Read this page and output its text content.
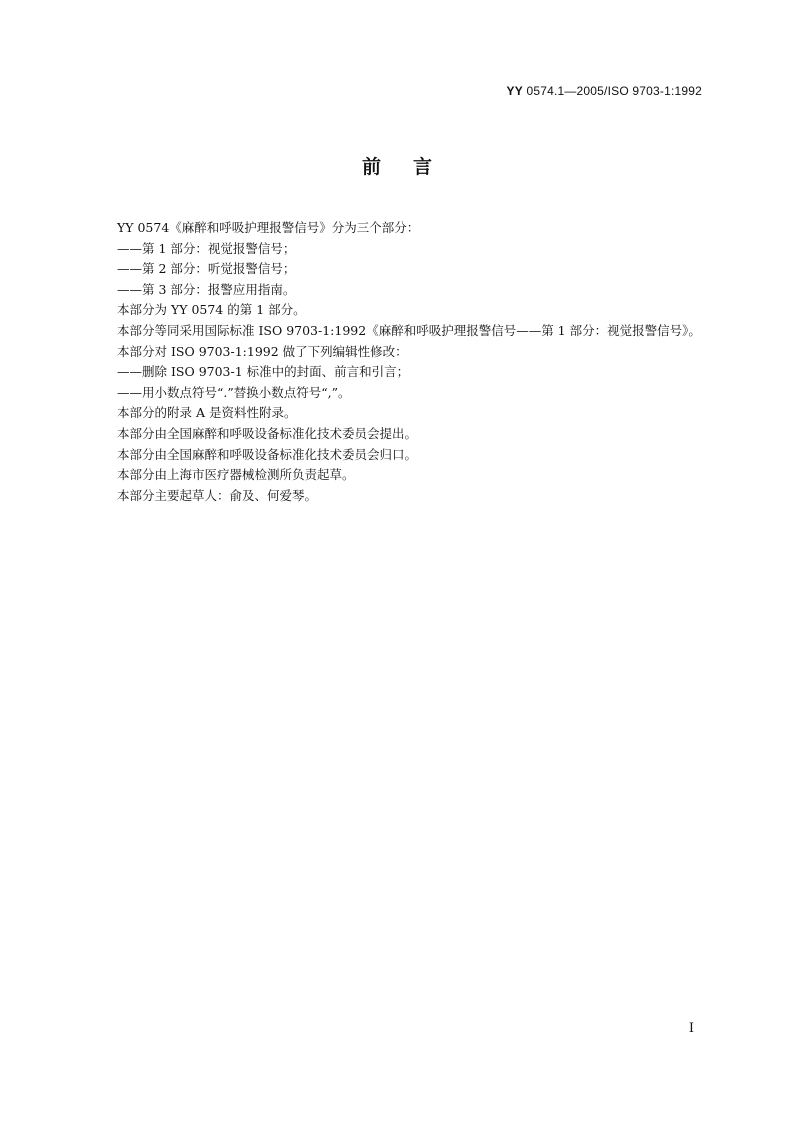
YY 0574.1—2005/ISO 9703-1:1992
前言

YY 0574《麻醉和呼吸护理报警信号》分为三个部分：

——第 1 部分：视觉报警信号；

——第 2 部分：听觉报警信号；

——第 3 部分：报警应用指南。

本部分为 YY 0574 的第 1 部分。

本部分等同采用国际标准 ISO 9703-1:1992《麻醉和呼吸护理报警信号——第 1 部分：视觉报警信号》。

本部分对 ISO 9703-1:1992 做了下列编辑性修改：

——删除 ISO 9703-1 标准中的封面、前言和引言；

——用小数点符号“.”替换小数点符号“,”。

本部分的附录 A 是资料性附录。

本部分由全国麻醉和呼吸设备标准化技术委员会提出。

本部分由全国麻醉和呼吸设备标准化技术委员会归口。

本部分由上海市医疗器械检测所负责起草。

本部分主要起草人：俞及、何爱琴。

I
